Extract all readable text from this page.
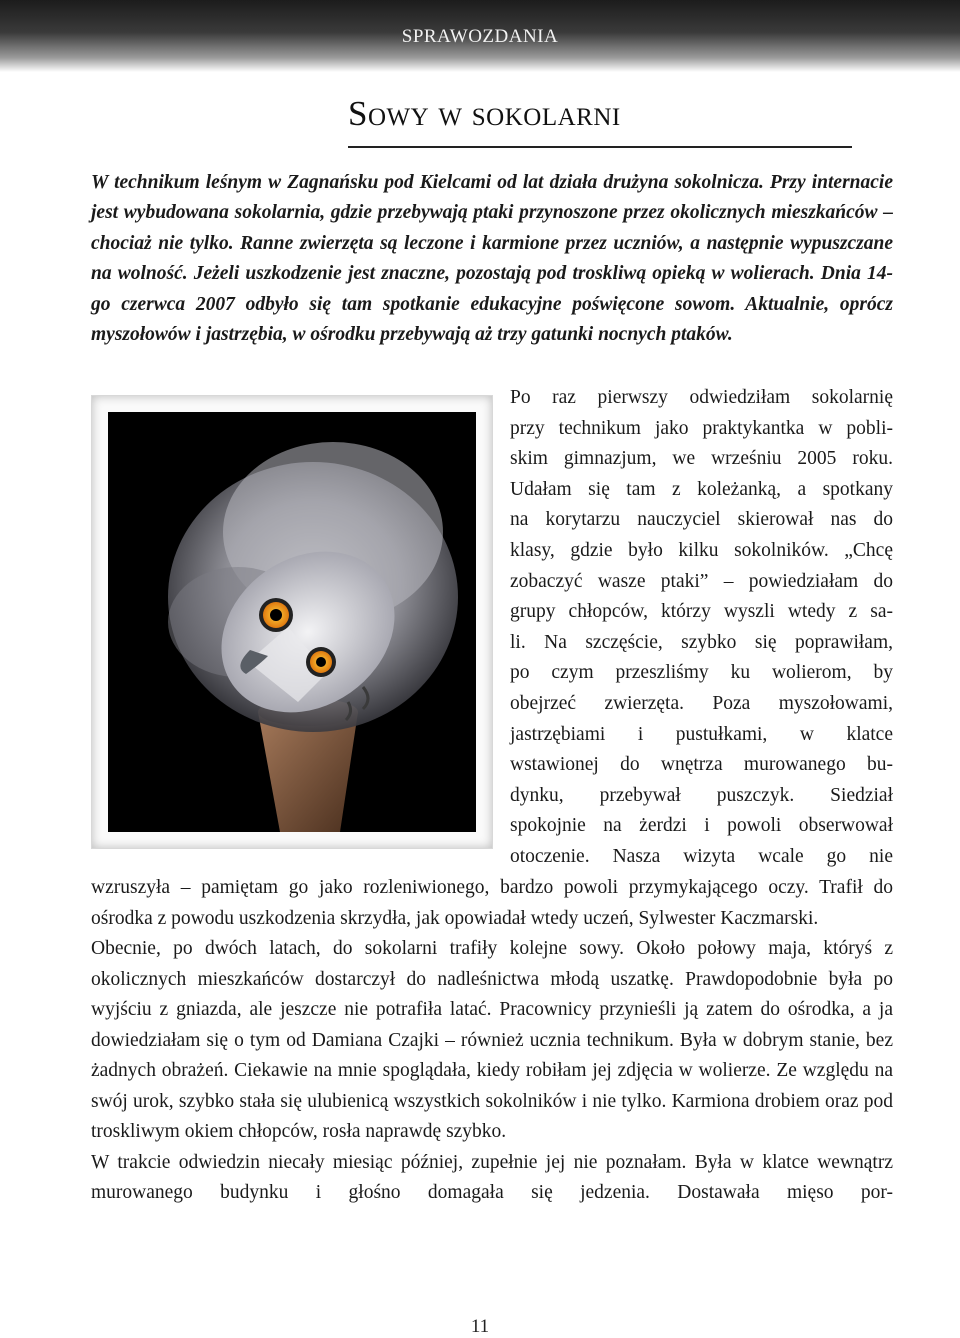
SPRAWOZDANIA
Sowy w sokolarni

W technikum leśnym w Zagnańsku pod Kielcami od lat działa drużyna sokolnicza. Przy internacie jest wybudowana sokolarnia, gdzie przebywają ptaki przynoszone przez okolicznych mieszkańców – chociaż nie tylko. Ranne zwierzęta są leczone i karmione przez uczniów, a następnie wypuszczane na wolność. Jeżeli uszkodzenie jest znaczne, pozostają pod troskliwą opieką w wolierach. Dnia 14-go czerwca 2007 odbyło się tam spotkanie edukacyjne poświęcone sowom. Aktualnie, oprócz myszołowów i jastrzębia, w ośrodku przebywają aż trzy gatunki nocnych ptaków.

Po raz pierwszy odwiedziłam sokolarnię
przy technikum jako praktykantka w pobli-
skim gimnazjum, we wrześniu 2005 roku.
Udałam się tam z koleżanką, a spotkany
na korytarzu nauczyciel skierował nas do
klasy, gdzie było kilku sokolników. „Chcę
zobaczyć wasze ptaki” – powiedziałam do
grupy chłopców, którzy wyszli wtedy z sa-
li. Na szczęście, szybko się poprawiłam,
po czym przeszliśmy ku wolierom, by
obejrzeć zwierzęta. Poza myszołowami,
jastrzębiami i pustułkami, w klatce
wstawionej do wnętrza murowanego bu-
dynku, przebywał puszczyk. Siedział
spokojnie na żerdzi i powoli obserwował
otoczenie. Nasza wizyta wcale go nie

wzruszyła – pamiętam go jako rozleniwionego, bardzo powoli przymykającego oczy. Trafił do ośrodka z powodu uszkodzenia skrzydła, jak opowiadał wtedy uczeń, Sylwester Kaczmarski.

Obecnie, po dwóch latach, do sokolarni trafiły kolejne sowy. Około połowy maja, któryś z okolicznych mieszkańców dostarczył do nadleśnictwa młodą uszatkę. Prawdopodobnie była po wyjściu z gniazda, ale jeszcze nie potrafiła latać. Pracownicy przynieśli ją zatem do ośrodka, a ja dowiedziałam się o tym od Damiana Czajki – również ucznia technikum. Była w dobrym stanie, bez żadnych obrażeń. Ciekawie na mnie spoglądała, kiedy robiłam jej zdjęcia w wolierze. Ze względu na swój urok, szybko stała się ulubienicą wszystkich sokolników i nie tylko. Karmiona drobiem oraz pod troskliwym okiem chłopców, rosła naprawdę szybko.

W trakcie odwiedzin niecały miesiąc później, zupełnie jej nie poznałam. Była w klatce wewnątrz murowanego budynku i głośno domagała się jedzenia. Dostawała mięso por-

11
